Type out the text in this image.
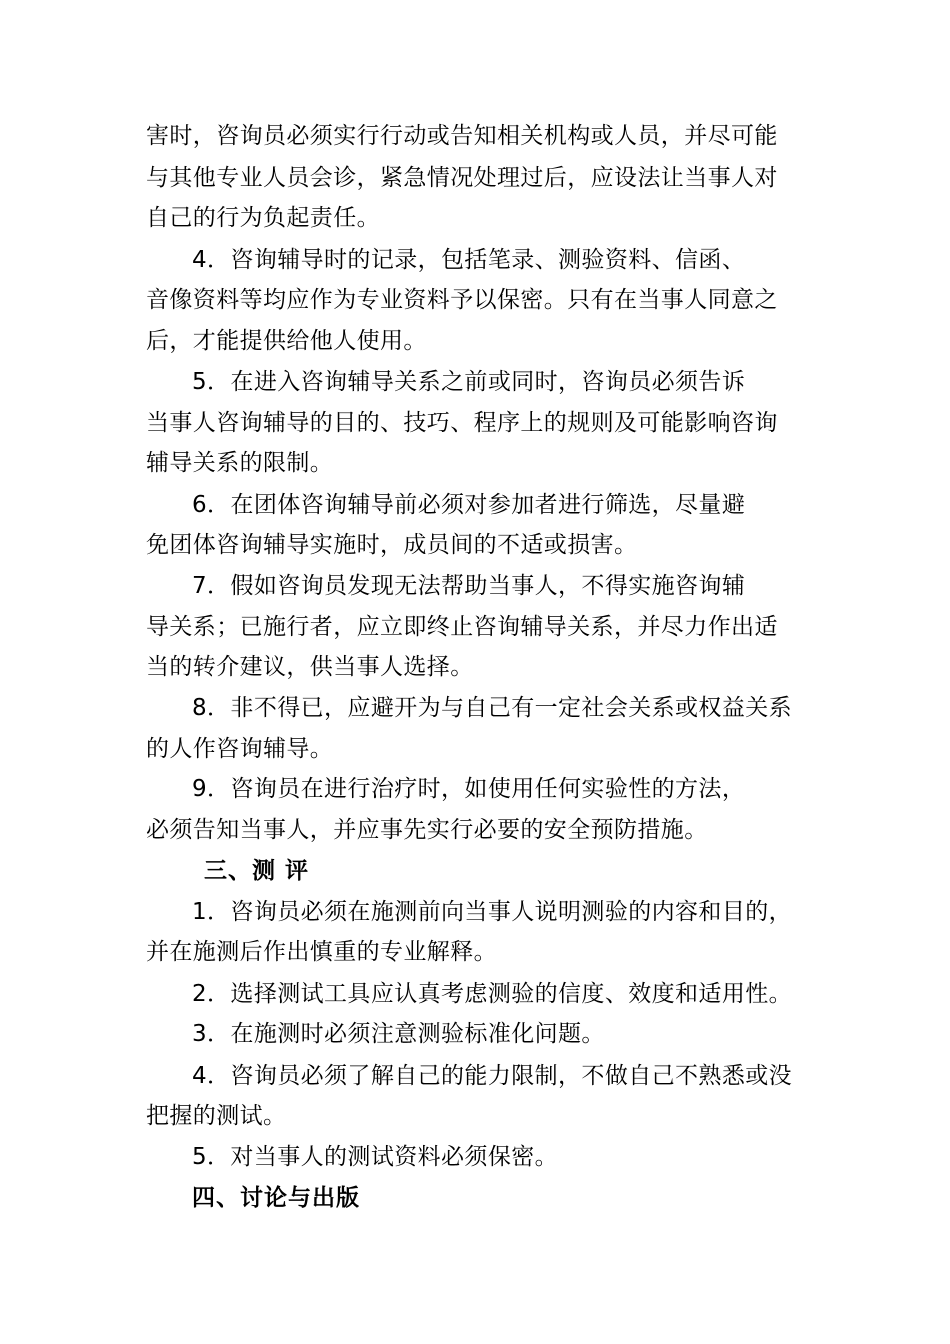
害时，咨询员必须实行行动或告知相关机构或人员，并尽可能
与其他专业人员会诊，紧急情况处理过后，应设法让当事人对
自己的行为负起责任。
4．咨询辅导时的记录，包括笔录、测验资料、信函、
音像资料等均应作为专业资料予以保密。只有在当事人同意之
后，才能提供给他人使用。
5．在进入咨询辅导关系之前或同时，咨询员必须告诉
当事人咨询辅导的目的、技巧、程序上的规则及可能影响咨询
辅导关系的限制。
6．在团体咨询辅导前必须对参加者进行筛选，尽量避
免团体咨询辅导实施时，成员间的不适或损害。
7．假如咨询员发现无法帮助当事人，不得实施咨询辅
导关系；已施行者，应立即终止咨询辅导关系，并尽力作出适
当的转介建议，供当事人选择。
8．非不得已，应避开为与自己有一定社会关系或权益关系
的人作咨询辅导。
9．咨询员在进行治疗时，如使用任何实验性的方法，
必须告知当事人，并应事先实行必要的安全预防措施。
三、测 评
1．咨询员必须在施测前向当事人说明测验的内容和目的，
并在施测后作出慎重的专业解释。
2．选择测试工具应认真考虑测验的信度、效度和适用性。
3．在施测时必须注意测验标准化问题。
4．咨询员必须了解自己的能力限制，不做自己不熟悉或没
把握的测试。
5．对当事人的测试资料必须保密。
四、讨论与出版
